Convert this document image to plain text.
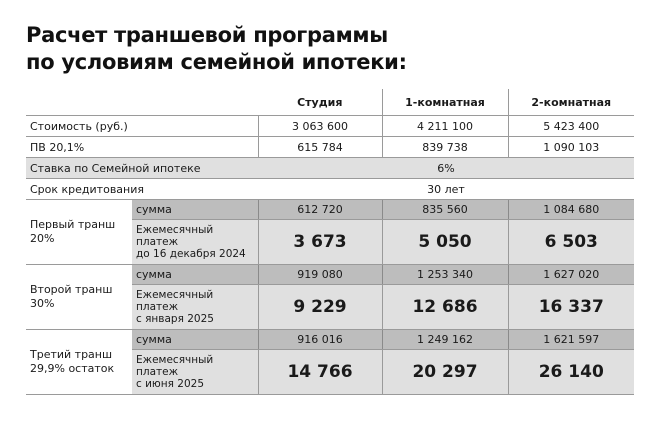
Расчет траншевой программы
по условиям семейной ипотеки:
		Студия	1-комнатная	2-комнатная
Стоимость (руб.)		3 063 600	4 211 100	5 423 400
ПВ 20,1%		615 784	839 738	1 090 103
Ставка по Семейной ипотеке		6%		
Срок кредитования		30 лет		
Первый транш
20%	сумма	612 720	835 560	1 084 680
	Ежемесячный
платеж
до 16 декабря 2024	3 673	5 050	6 503
Второй транш
30%	сумма	919 080	1 253 340	1 627 020
	Ежемесячный
платеж
с января 2025	9 229	12 686	16 337
Третий транш
29,9% остаток	сумма	916 016	1 249 162	1 621 597
	Ежемесячный
платеж
с июня 2025	14 766	20 297	26 140
